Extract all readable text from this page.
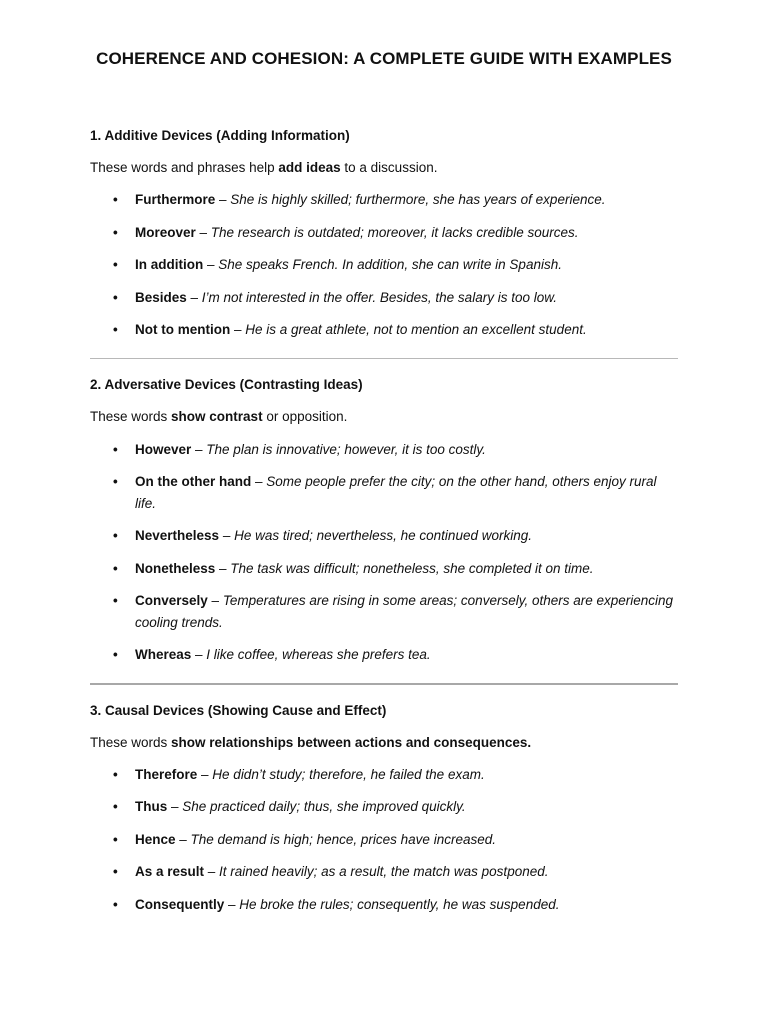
COHERENCE AND COHESION: A COMPLETE GUIDE WITH EXAMPLES
1. Additive Devices (Adding Information)

These words and phrases help add ideas to a discussion.

• Furthermore – She is highly skilled; furthermore, she has years of experience.
• Moreover – The research is outdated; moreover, it lacks credible sources.
• In addition – She speaks French. In addition, she can write in Spanish.
• Besides – I’m not interested in the offer. Besides, the salary is too low.
• Not to mention – He is a great athlete, not to mention an excellent student.
2. Adversative Devices (Contrasting Ideas)

These words show contrast or opposition.

• However – The plan is innovative; however, it is too costly.
• On the other hand – Some people prefer the city; on the other hand, others enjoy rural life.
• Nevertheless – He was tired; nevertheless, he continued working.
• Nonetheless – The task was difficult; nonetheless, she completed it on time.
• Conversely – Temperatures are rising in some areas; conversely, others are experiencing cooling trends.
• Whereas – I like coffee, whereas she prefers tea.
3. Causal Devices (Showing Cause and Effect)

These words show relationships between actions and consequences.

• Therefore – He didn’t study; therefore, he failed the exam.
• Thus – She practiced daily; thus, she improved quickly.
• Hence – The demand is high; hence, prices have increased.
• As a result – It rained heavily; as a result, the match was postponed.
• Consequently – He broke the rules; consequently, he was suspended.
